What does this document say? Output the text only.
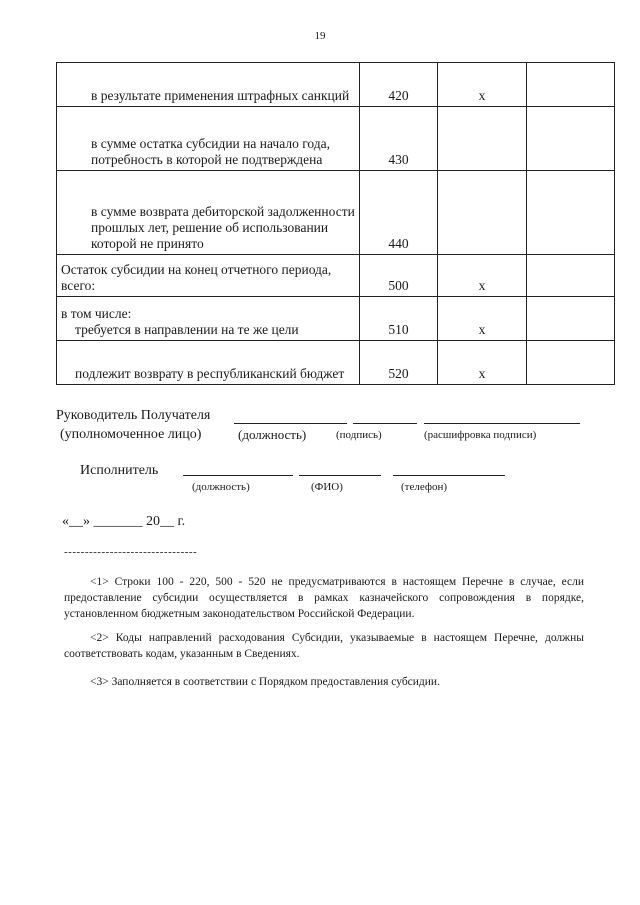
19
в результате применения штрафных санкций	420	x	
в сумме остатка субсидии на начало года, потребность в которой не подтверждена	430		
в сумме возврата дебиторской задолженности прошлых лет, решение об использовании которой не принято	440		
Остаток субсидии на конец отчетного периода, всего:	500	x	
в том числе:
требуется в направлении на те же цели	510	x	
подлежит возврату в республиканский бюджет	520	x	
Руководитель Получателя
(уполномоченное лицо)	(должность)	(подпись)	(расшифровка подписи)
Исполнитель
(должность)	(ФИО)	(телефон)
«__» _______ 20__ г.
--------------------------------
<1> Строки 100 - 220, 500 - 520 не предусматриваются в настоящем Перечне в случае, если предоставление субсидии осуществляется в рамках казначейского сопровождения в порядке, установленном бюджетным законодательством Российской Федерации.
<2> Коды направлений расходования Субсидии, указываемые в настоящем Перечне, должны соответствовать кодам, указанным в Сведениях.
<3> Заполняется в соответствии с Порядком предоставления субсидии.
